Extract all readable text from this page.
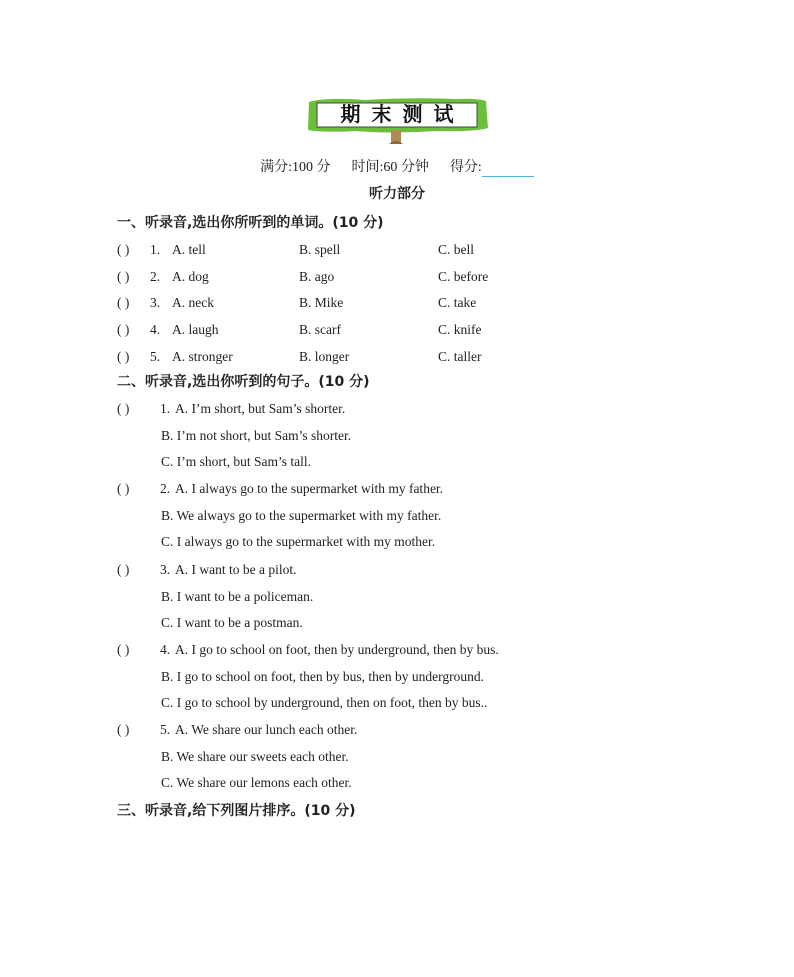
期末测试
满分:100 分 时间:60 分钟 得分:
听力部分
一、听录音,选出你所听到的单词。(10 分)
( ) 1. A. tell	B. spell	C. bell
( ) 2. A. dog	B. ago	C. before
( ) 3. A. neck	B. Mike	C. take
( ) 4. A. laugh	B. scarf	C. knife
( ) 5. A. stronger	B. longer	C. taller
二、听录音,选出你听到的句子。(10 分)
( ) 1. A. I’m short, but Sam’s shorter.
B. I’m not short, but Sam’s shorter.
C. I’m short, but Sam’s tall.
( ) 2. A. I always go to the supermarket with my father.
B. We always go to the supermarket with my father.
C. I always go to the supermarket with my mother.
( ) 3. A. I want to be a pilot.
B. I want to be a policeman.
C. I want to be a postman.
( ) 4. A. I go to school on foot, then by underground, then by bus.
B. I go to school on foot, then by bus, then by underground.
C. I go to school by underground, then on foot, then by bus..
( ) 5. A. We share our lunch each other.
B. We share our sweets each other.
C. We share our lemons each other.
三、听录音,给下列图片排序。(10 分)
